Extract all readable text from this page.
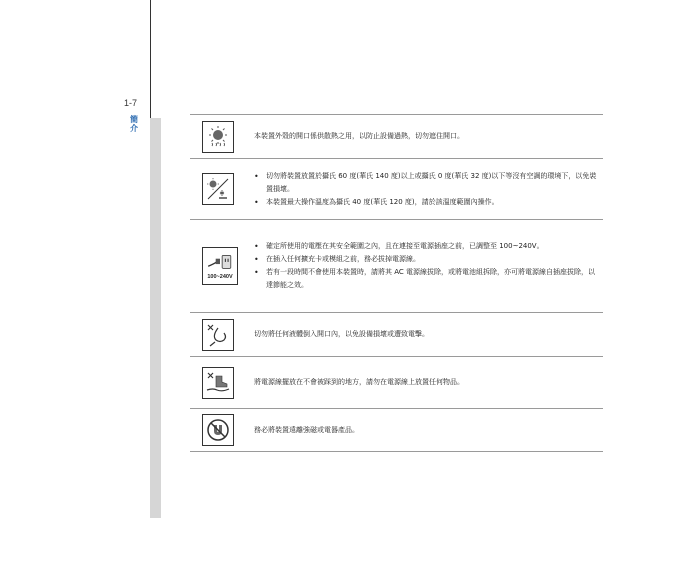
1-7
簡介
本裝置外殼的開口係供散熱之用，以防止設備過熱，切勿遮住開口。
• 切勿將裝置放置於攝氏 60 度(華氏 140 度)以上或攝氏 0 度(華氏 32 度)以下等沒有空調的環境下，以免裝置損壞。
• 本裝置最大操作溫度為攝氏 40 度(華氏 120 度)，請於該溫度範圍內操作。
100~240V
• 確定所使用的電壓在其安全範圍之內，且在連接至電源插座之前，已調整至 100~240V。
• 在插入任何擴充卡或模組之前，務必拔掉電源線。
• 若有一段時間不會使用本裝置時，請將其 AC 電源線拔除，或將電池組拆除，亦可將電源線自插座拔除，以達節能之效。
切勿將任何液體倒入開口內，以免設備損壞或遭致電擊。
將電源線擺放在不會被踩到的地方，請勿在電源線上放置任何物品。
務必將裝置遠離強磁或電器產品。
